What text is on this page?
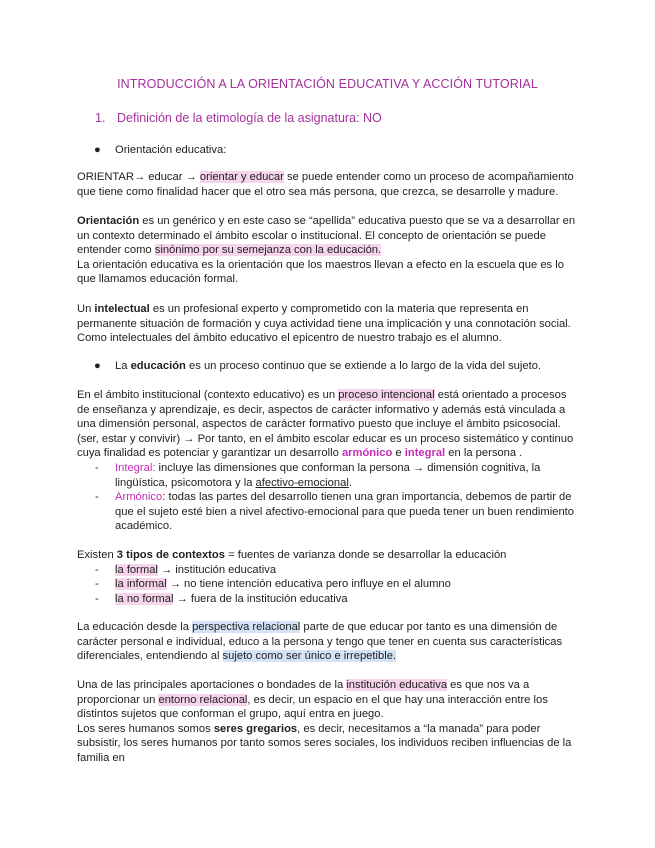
INTRODUCCIÓN A LA ORIENTACIÓN EDUCATIVA Y ACCIÓN TUTORIAL
1. Definición de la etimología de la asignatura: NO
● Orientación educativa:
ORIENTAR→ educar → orientar y educar se puede entender como un proceso de acompañamiento que tiene como finalidad hacer que el otro sea más persona, que crezca, se desarrolle y madure.

Orientación es un genérico y en este caso se “apellida” educativa puesto que se va a desarrollar en un contexto determinado el ámbito escolar o institucional. El concepto de orientación se puede entender como sinónimo por su semejanza con la educación.

La orientación educativa es la orientación que los maestros llevan a efecto en la escuela que es lo que llamamos educación formal.

Un intelectual es un profesional experto y comprometido con la materia que representa en permanente situación de formación y cuya actividad tiene una implicación y una connotación social. Como intelectuales del ámbito educativo el epicentro de nuestro trabajo es el alumno.
● La educación es un proceso continuo que se extiende a lo largo de la vida del sujeto.
En el ámbito institucional (contexto educativo) es un proceso intencional está orientado a procesos de enseñanza y aprendizaje, es decir, aspectos de carácter informativo y además está vinculada a una dimensión personal, aspectos de carácter formativo puesto que incluye el ámbito psicosocial.(ser, estar y convivir) → Por tanto, en el ámbito escolar educar es un proceso sistemático y continuo cuya finalidad es potenciar y garantizar un desarrollo armónico e integral en la persona .
- Integral: incluye las dimensiones que conforman la persona → dimensión cognitiva, la lingüística, psicomotora y la afectivo-emocional.
- Armónico: todas las partes del desarrollo tienen una gran importancia, debemos de partir de que el sujeto esté bien a nivel afectivo-emocional para que pueda tener un buen rendimiento académico.
Existen 3 tipos de contextos = fuentes de varianza donde se desarrollar la educación
- la formal → institución educativa
- la informal → no tiene intención educativa pero influye en el alumno
- la no formal → fuera de la institución educativa
La educación desde la perspectiva relacional parte de que educar por tanto es una dimensión de carácter personal e individual, educo a la persona y tengo que tener en cuenta sus características diferenciales, entendiendo al sujeto como ser único e irrepetible.

Una de las principales aportaciones o bondades de la institución educativa es que nos va a proporcionar un entorno relacional, es decir, un espacio en el que hay una interacción entre los distintos sujetos que conforman el grupo, aquí entra en juego.

Los seres humanos somos seres gregarios, es decir, necesitamos a “la manada” para poder subsistir, los seres humanos por tanto somos seres sociales, los individuos reciben influencias de la familia en
